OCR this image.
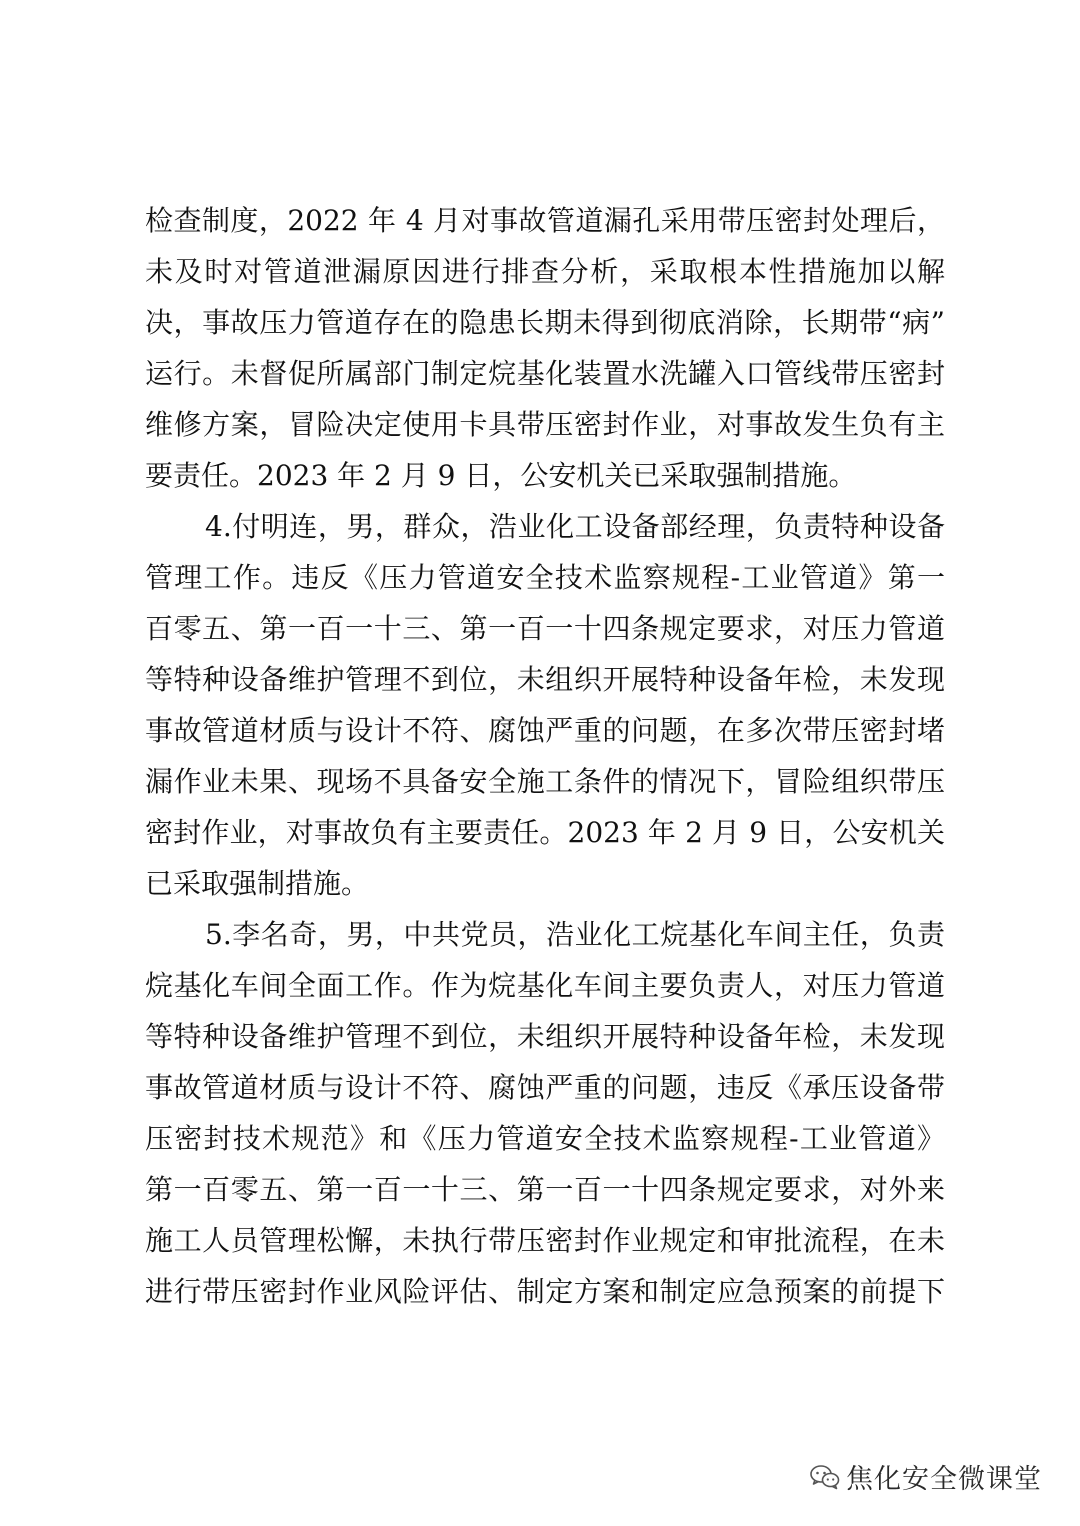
检查制度，2022 年 4 月对事故管道漏孔采用带压密封处理后，
未及时对管道泄漏原因进行排查分析，采取根本性措施加以解
决，事故压力管道存在的隐患长期未得到彻底消除，长期带“病”
运行。未督促所属部门制定烷基化装置水洗罐入口管线带压密封
维修方案，冒险决定使用卡具带压密封作业，对事故发生负有主
要责任。2023 年 2 月 9 日，公安机关已采取强制措施。
4.付明连，男，群众，浩业化工设备部经理，负责特种设备
管理工作。违反《压力管道安全技术监察规程-工业管道》第一
百零五、第一百一十三、第一百一十四条规定要求，对压力管道
等特种设备维护管理不到位，未组织开展特种设备年检，未发现
事故管道材质与设计不符、腐蚀严重的问题，在多次带压密封堵
漏作业未果、现场不具备安全施工条件的情况下，冒险组织带压
密封作业，对事故负有主要责任。2023 年 2 月 9 日，公安机关
已采取强制措施。
5.李名奇，男，中共党员，浩业化工烷基化车间主任，负责
烷基化车间全面工作。作为烷基化车间主要负责人，对压力管道
等特种设备维护管理不到位，未组织开展特种设备年检，未发现
事故管道材质与设计不符、腐蚀严重的问题，违反《承压设备带
压密封技术规范》和《压力管道安全技术监察规程-工业管道》
第一百零五、第一百一十三、第一百一十四条规定要求，对外来
施工人员管理松懈，未执行带压密封作业规定和审批流程，在未
进行带压密封作业风险评估、制定方案和制定应急预案的前提下
焦化安全微课堂
